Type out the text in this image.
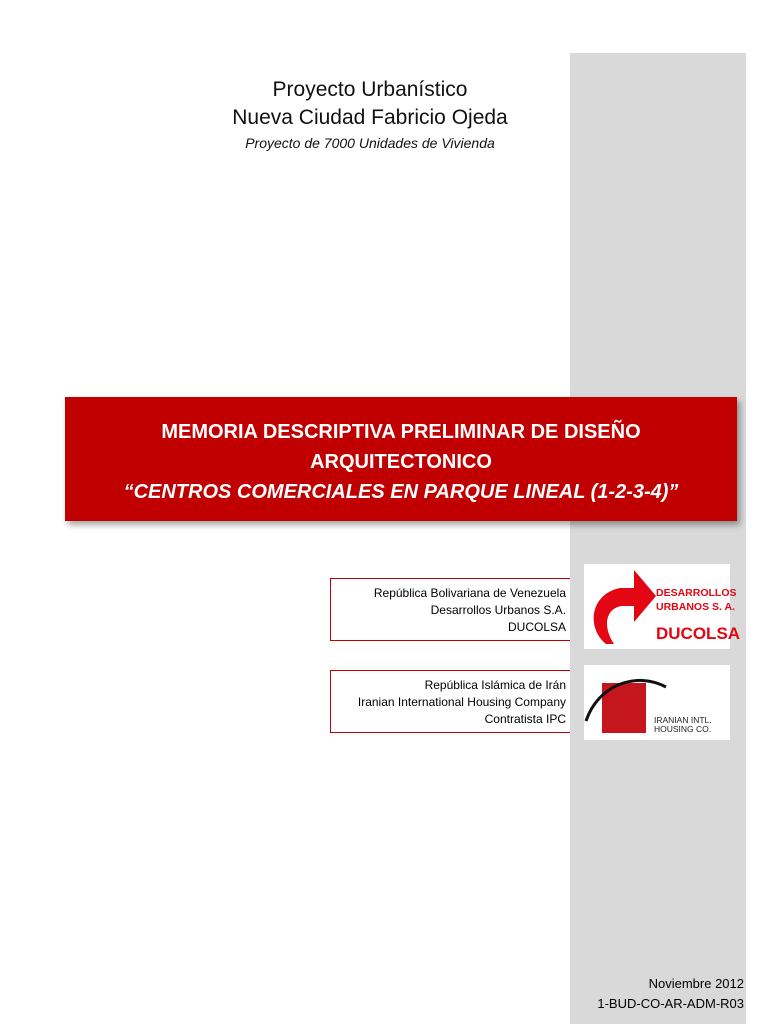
Proyecto Urbanístico
Nueva Ciudad Fabricio Ojeda
Proyecto de 7000 Unidades de Vivienda
MEMORIA DESCRIPTIVA PRELIMINAR DE DISEÑO
ARQUITECTONICO
“CENTROS COMERCIALES EN PARQUE LINEAL (1-2-3-4)”
República Bolivariana de Venezuela
Desarrollos Urbanos S.A.
DUCOLSA
DESARROLLOS
URBANOS S. A.
DUCOLSA
República Islámica de Irán
Iranian International Housing Company
Contratista IPC	IRANIAN INTL.
HOUSING CO.
Noviembre 2012
1-BUD-CO-AR-ADM-R03
